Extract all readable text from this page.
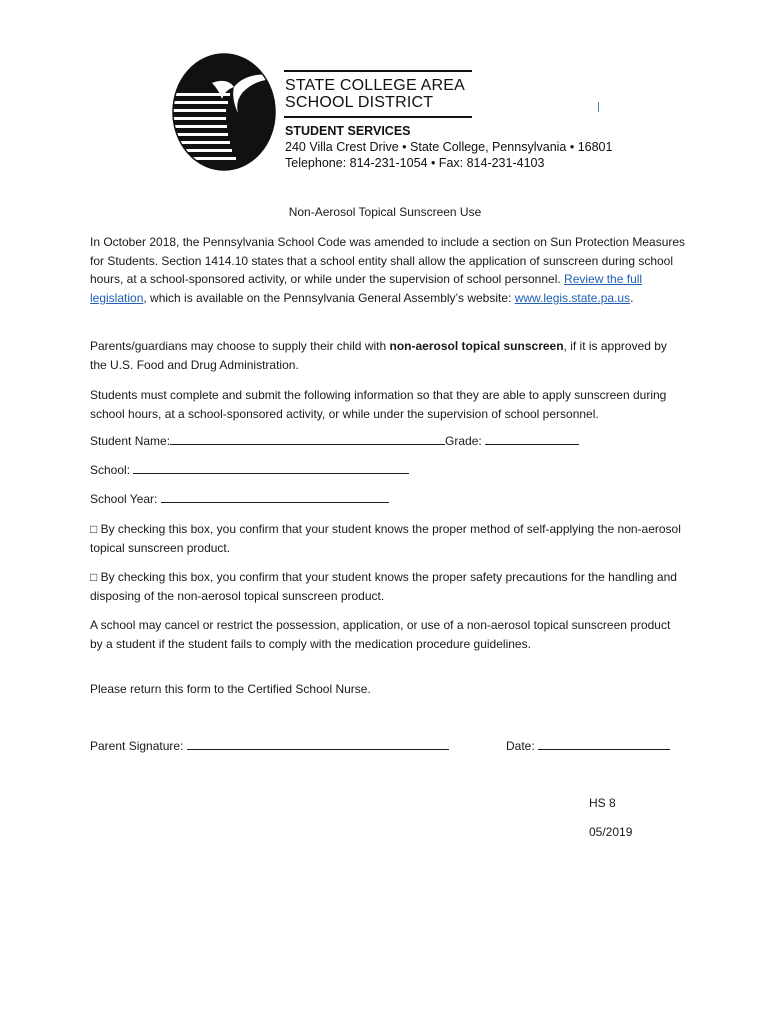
STATE COLLEGE AREA
SCHOOL DISTRICT
STUDENT SERVICES
240 Villa Crest Drive • State College, Pennsylvania • 16801
Telephone: 814-231-1054 • Fax: 814-231-4103
Non-Aerosol Topical Sunscreen Use
In October 2018, the Pennsylvania School Code was amended to include a section on Sun Protection Measures for Students. Section 1414.10 states that a school entity shall allow the application of sunscreen during school hours, at a school-sponsored activity, or while under the supervision of school personnel. Review the full legislation, which is available on the Pennsylvania General Assembly’s website: www.legis.state.pa.us.
Parents/guardians may choose to supply their child with non-aerosol topical sunscreen, if it is approved by the U.S. Food and Drug Administration.
Students must complete and submit the following information so that they are able to apply sunscreen during school hours, at a school-sponsored activity, or while under the supervision of school personnel.
Student Name:	Grade:
School:
School Year:
□ By checking this box, you confirm that your student knows the proper method of self-applying the non-aerosol topical sunscreen product.
□ By checking this box, you confirm that your student knows the proper safety precautions for the handling and disposing of the non-aerosol topical sunscreen product.
A school may cancel or restrict the possession, application, or use of a non-aerosol topical sunscreen product by a student if the student fails to comply with the medication procedure guidelines.
Please return this form to the Certified School Nurse.
Parent Signature:	Date:
HS 8
05/2019
